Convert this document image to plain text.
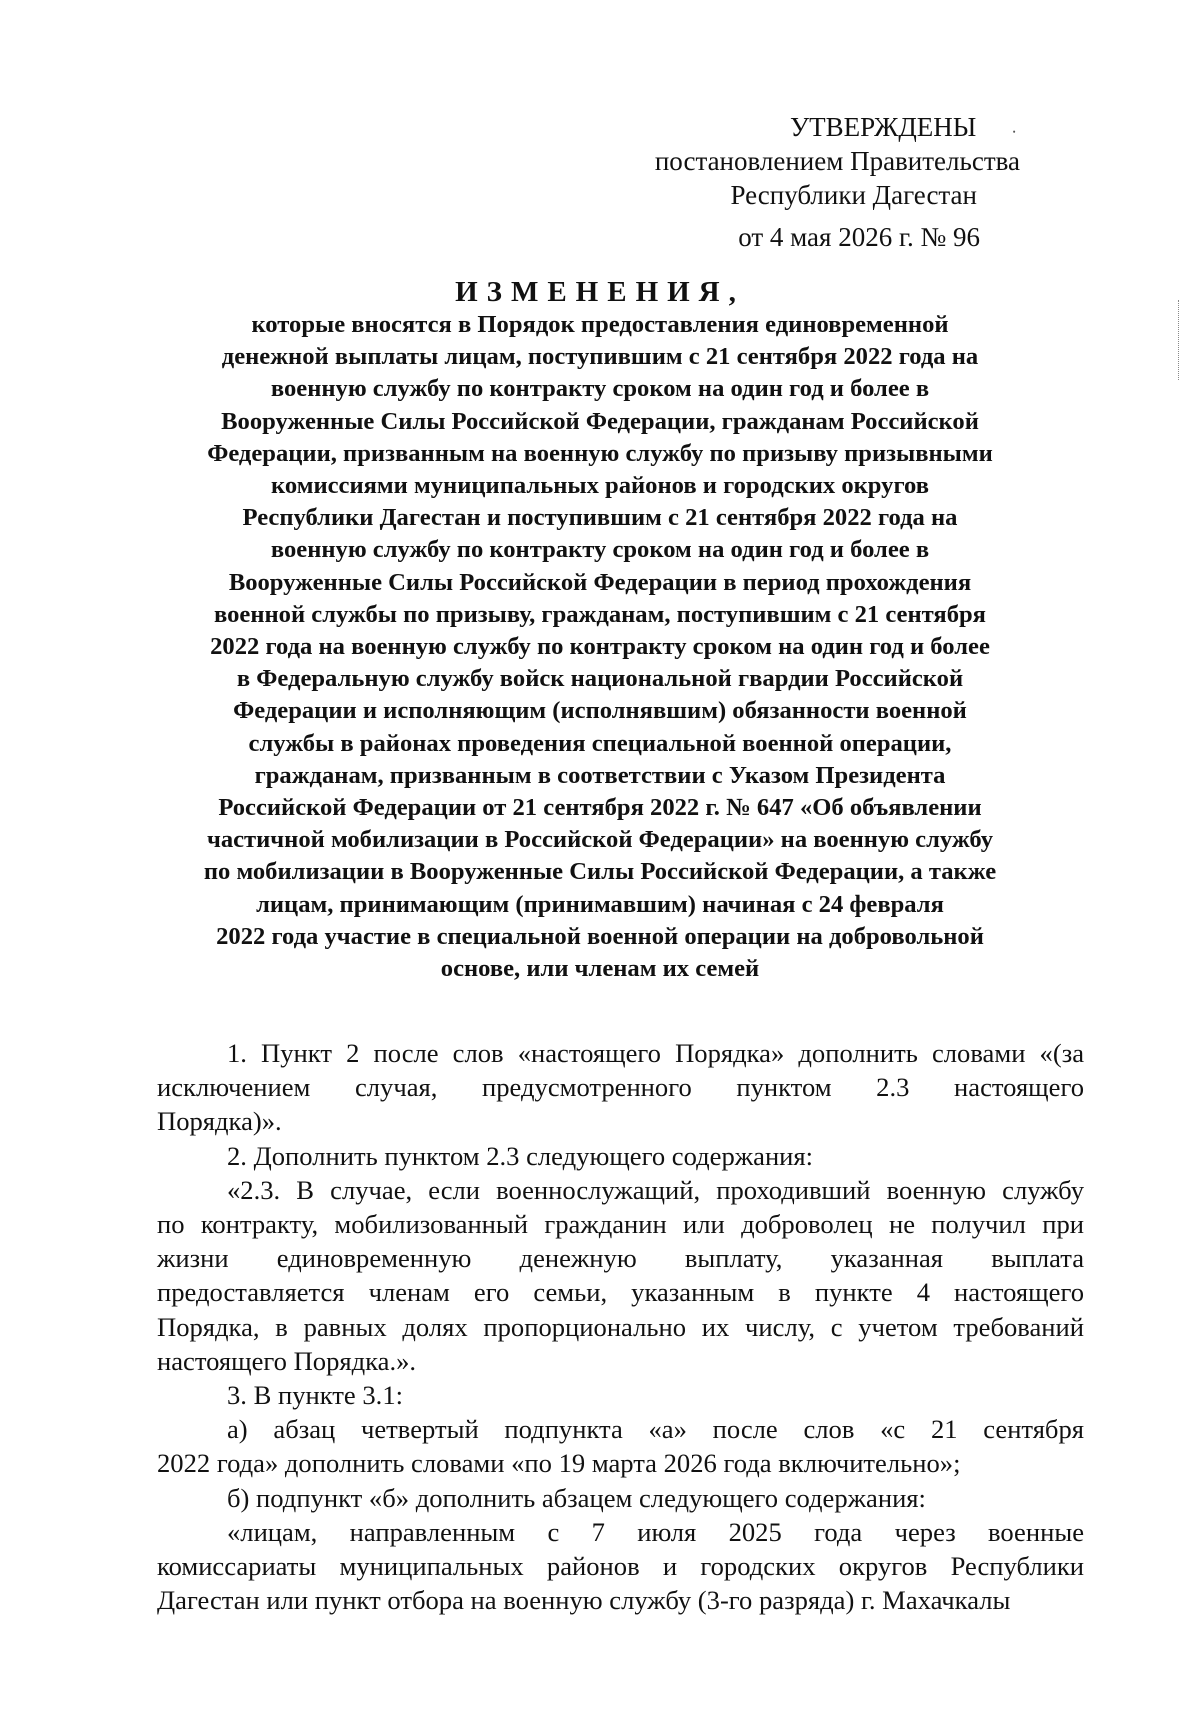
УТВЕРЖДЕНЫ
постановлением Правительства
Республики Дагестан
от 4 мая 2026 г. № 96
ИЗМЕНЕНИЯ,
которые вносятся в Порядок предоставления единовременной
денежной выплаты лицам, поступившим с 21 сентября 2022 года на
военную службу по контракту сроком на один год и более в
Вооруженные Силы Российской Федерации, гражданам Российской
Федерации, призванным на военную службу по призыву призывными
комиссиями муниципальных районов и городских округов
Республики Дагестан и поступившим с 21 сентября 2022 года на
военную службу по контракту сроком на один год и более в
Вооруженные Силы Российской Федерации в период прохождения
военной службы по призыву, гражданам, поступившим с 21 сентября
2022 года на военную службу по контракту сроком на один год и более
в Федеральную службу войск национальной гвардии Российской
Федерации и исполняющим (исполнявшим) обязанности военной
службы в районах проведения специальной военной операции,
гражданам, призванным в соответствии с Указом Президента
Российской Федерации от 21 сентября 2022 г. № 647 «Об объявлении
частичной мобилизации в Российской Федерации» на военную службу
по мобилизации в Вооруженные Силы Российской Федерации, а также
лицам, принимающим (принимавшим) начиная с 24 февраля
2022 года участие в специальной военной операции на добровольной
основе, или членам их семей

1. Пункт 2 после слов «настоящего Порядка» дополнить словами «(за
исключением случая, предусмотренного пунктом 2.3 настоящего
Порядка)».

2. Дополнить пунктом 2.3 следующего содержания:

«2.3. В случае, если военнослужащий, проходивший военную службу
по контракту, мобилизованный гражданин или доброволец не получил при
жизни единовременную денежную выплату, указанная выплата
предоставляется членам его семьи, указанным в пункте 4 настоящего
Порядка, в равных долях пропорционально их числу, с учетом требований
настоящего Порядка.».

3. В пункте 3.1:

а) абзац четвертый подпункта «а» после слов «с 21 сентября
2022 года» дополнить словами «по 19 марта 2026 года включительно»;

б) подпункт «б» дополнить абзацем следующего содержания:

«лицам, направленным с 7 июля 2025 года через военные
комиссариаты муниципальных районов и городских округов Республики
Дагестан или пункт отбора на военную службу (3-го разряда) г. Махачкалы

⸳
